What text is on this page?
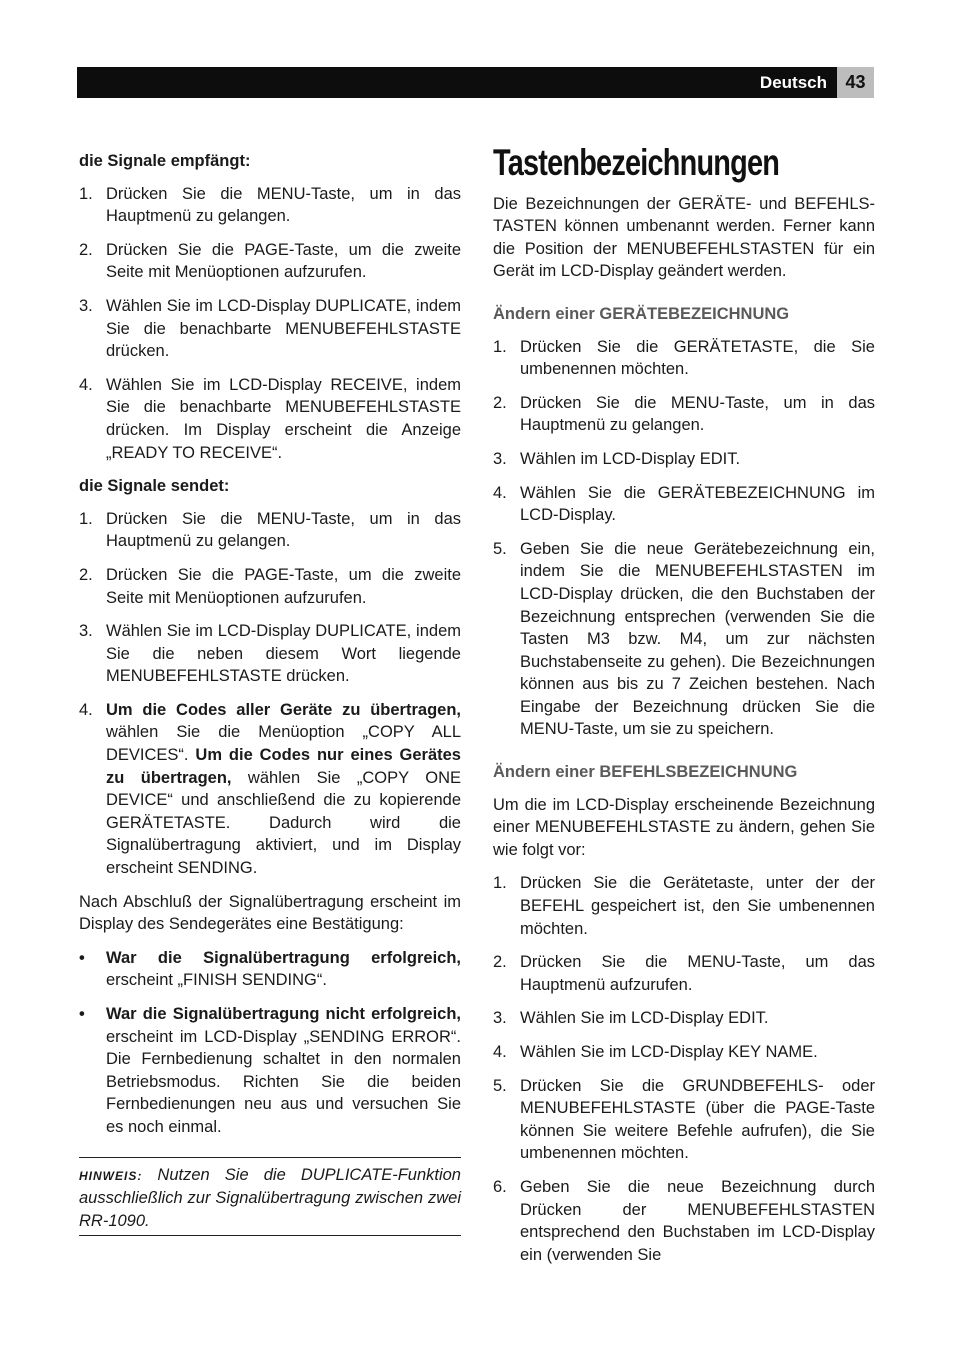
Deutsch	43
die Signale empfängt:
1. Drücken Sie die MENU-Taste, um in das Hauptmenü zu gelangen.
2. Drücken Sie die PAGE-Taste, um die zweite Seite mit Menüoptionen aufzurufen.
3. Wählen Sie im LCD-Display DUPLICATE, indem Sie die benachbarte MENUBEFEHLSTASTE drücken.
4. Wählen Sie im LCD-Display RECEIVE, indem Sie die benachbarte MENUBEFEHLSTASTE drücken. Im Display erscheint die Anzeige „READY TO RECEIVE“.
die Signale sendet:
1. Drücken Sie die MENU-Taste, um in das Hauptmenü zu gelangen.
2. Drücken Sie die PAGE-Taste, um die zweite Seite mit Menüoptionen aufzurufen.
3. Wählen Sie im LCD-Display DUPLICATE, indem Sie die neben diesem Wort liegende MENUBEFEHLSTASTE drücken.
4. Um die Codes aller Geräte zu übertragen, wählen Sie die Menüoption „COPY ALL DEVICES“. Um die Codes nur eines Gerätes zu übertragen, wählen Sie „COPY ONE DEVICE“ und anschließend die zu kopierende GERÄTETASTE. Dadurch wird die Signalübertragung aktiviert, und im Display erscheint SENDING.

Nach Abschluß der Signalübertragung erscheint im Display des Sendegerätes eine Bestätigung:

•	War die Signalübertragung erfolgreich, erscheint „FINISH SENDING“.
•	War die Signalübertragung nicht erfolgreich, erscheint im LCD-Display „SENDING ERROR“. Die Fernbedienung schaltet in den normalen Betriebsmodus. Richten Sie die beiden Fernbedienungen neu aus und versuchen Sie es noch einmal.
HINWEIS: Nutzen Sie die DUPLICATE-Funktion ausschließlich zur Signalübertragung zwischen zwei RR-1090.
Tastenbezeichnungen

Die Bezeichnungen der GERÄTE- und BEFEHLS-TASTEN können umbenannt werden. Ferner kann die Position der MENUBEFEHLSTASTEN für ein Gerät im LCD-Display geändert werden.

Ändern einer GERÄTEBEZEICHNUNG
1. Drücken Sie die GERÄTETASTE, die Sie umbenennen möchten.
2. Drücken Sie die MENU-Taste, um in das Hauptmenü zu gelangen.
3. Wählen im LCD-Display EDIT.
4. Wählen Sie die GERÄTEBEZEICHNUNG im LCD-Display.
5. Geben Sie die neue Gerätebezeichnung ein, indem Sie die MENUBEFEHLSTASTEN im LCD-Display drücken, die den Buchstaben der Bezeichnung entsprechen (verwenden Sie die Tasten M3 bzw. M4, um zur nächsten Buchstabenseite zu gehen). Die Bezeichnungen können aus bis zu 7 Zeichen bestehen. Nach Eingabe der Bezeichnung drücken Sie die MENU-Taste, um sie zu speichern.
Ändern einer BEFEHLSBEZEICHNUNG

Um die im LCD-Display erscheinende Bezeichnung einer MENUBEFEHLSTASTE zu ändern, gehen Sie wie folgt vor:

1. Drücken Sie die Gerätetaste, unter der der BEFEHL gespeichert ist, den Sie umbenennen möchten.
2. Drücken Sie die MENU-Taste, um das Hauptmenü aufzurufen.
3. Wählen Sie im LCD-Display EDIT.
4. Wählen Sie im LCD-Display KEY NAME.
5. Drücken Sie die GRUNDBEFEHLS- oder MENUBEFEHLSTASTE (über die PAGE-Taste können Sie weitere Befehle aufrufen), die Sie umbenennen möchten.
6. Geben Sie die neue Bezeichnung durch Drücken der MENUBEFEHLSTASTEN entsprechend den Buchstaben im LCD-Display ein (verwenden Sie
